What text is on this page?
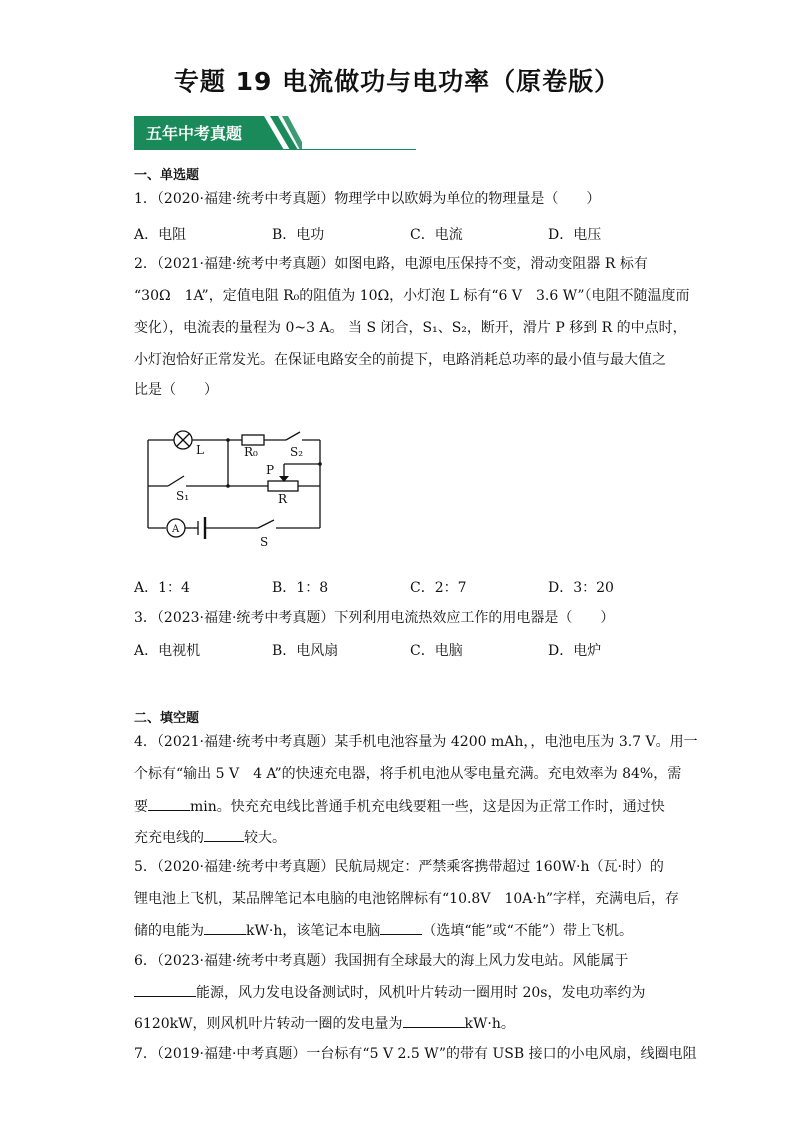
专题 19 电流做功与电功率（原卷版）
五年中考真题
一、单选题
1．（2020·福建·统考中考真题）物理学中以欧姆为单位的物理量是（　　）
A．电阻	B．电功	C．电流	D．电压
2．（2021·福建·统考中考真题）如图电路，电源电压保持不变，滑动变阻器 R 标有
“30Ω　1A”，定值电阻 R₀的阻值为 10Ω，小灯泡 L 标有“6 V　3.6 W”（电阻不随温度而
变化），电流表的量程为 0~3 A。 当 S 闭合，S₁、S₂，断开，滑片 P 移到 R 的中点时，
小灯泡恰好正常发光。在保证电路安全的前提下，电路消耗总功率的最小值与最大值之
比是（　　）
L	R₀	S₂
P
R
S₁
A
S
A．1：4	B．1：8	C．2：7	D．3：20
3．（2023·福建·统考中考真题）下列利用电流热效应工作的用电器是（　　）
A．电视机	B．电风扇	C．电脑	D．电炉
二、填空题
4．（2021·福建·统考中考真题）某手机电池容量为 4200 mAh，，电池电压为 3.7 V。用一
个标有“输出 5 V　4 A”的快速充电器，将手机电池从零电量充满。充电效率为 84%，需
要	min。快充充电线比普通手机充电线要粗一些，这是因为正常工作时，通过快
充充电线的	较大。
5．（2020·福建·统考中考真题）民航局规定：严禁乘客携带超过 160W·h（瓦·时）的
锂电池上飞机，某品牌笔记本电脑的电池铭牌标有“10.8V　10A·h”字样，充满电后，存
储的电能为	kW·h，该笔记本电脑	（选填“能”或“不能”）带上飞机。
6．（2023·福建·统考中考真题）我国拥有全球最大的海上风力发电站。风能属于
能源，风力发电设备测试时，风机叶片转动一圈用时 20s，发电功率约为
6120kW，则风机叶片转动一圈的发电量为	kW·h。
7．（2019·福建·中考真题）一台标有“5 V 2.5 W”的带有 USB 接口的小电风扇，线圈电阻
